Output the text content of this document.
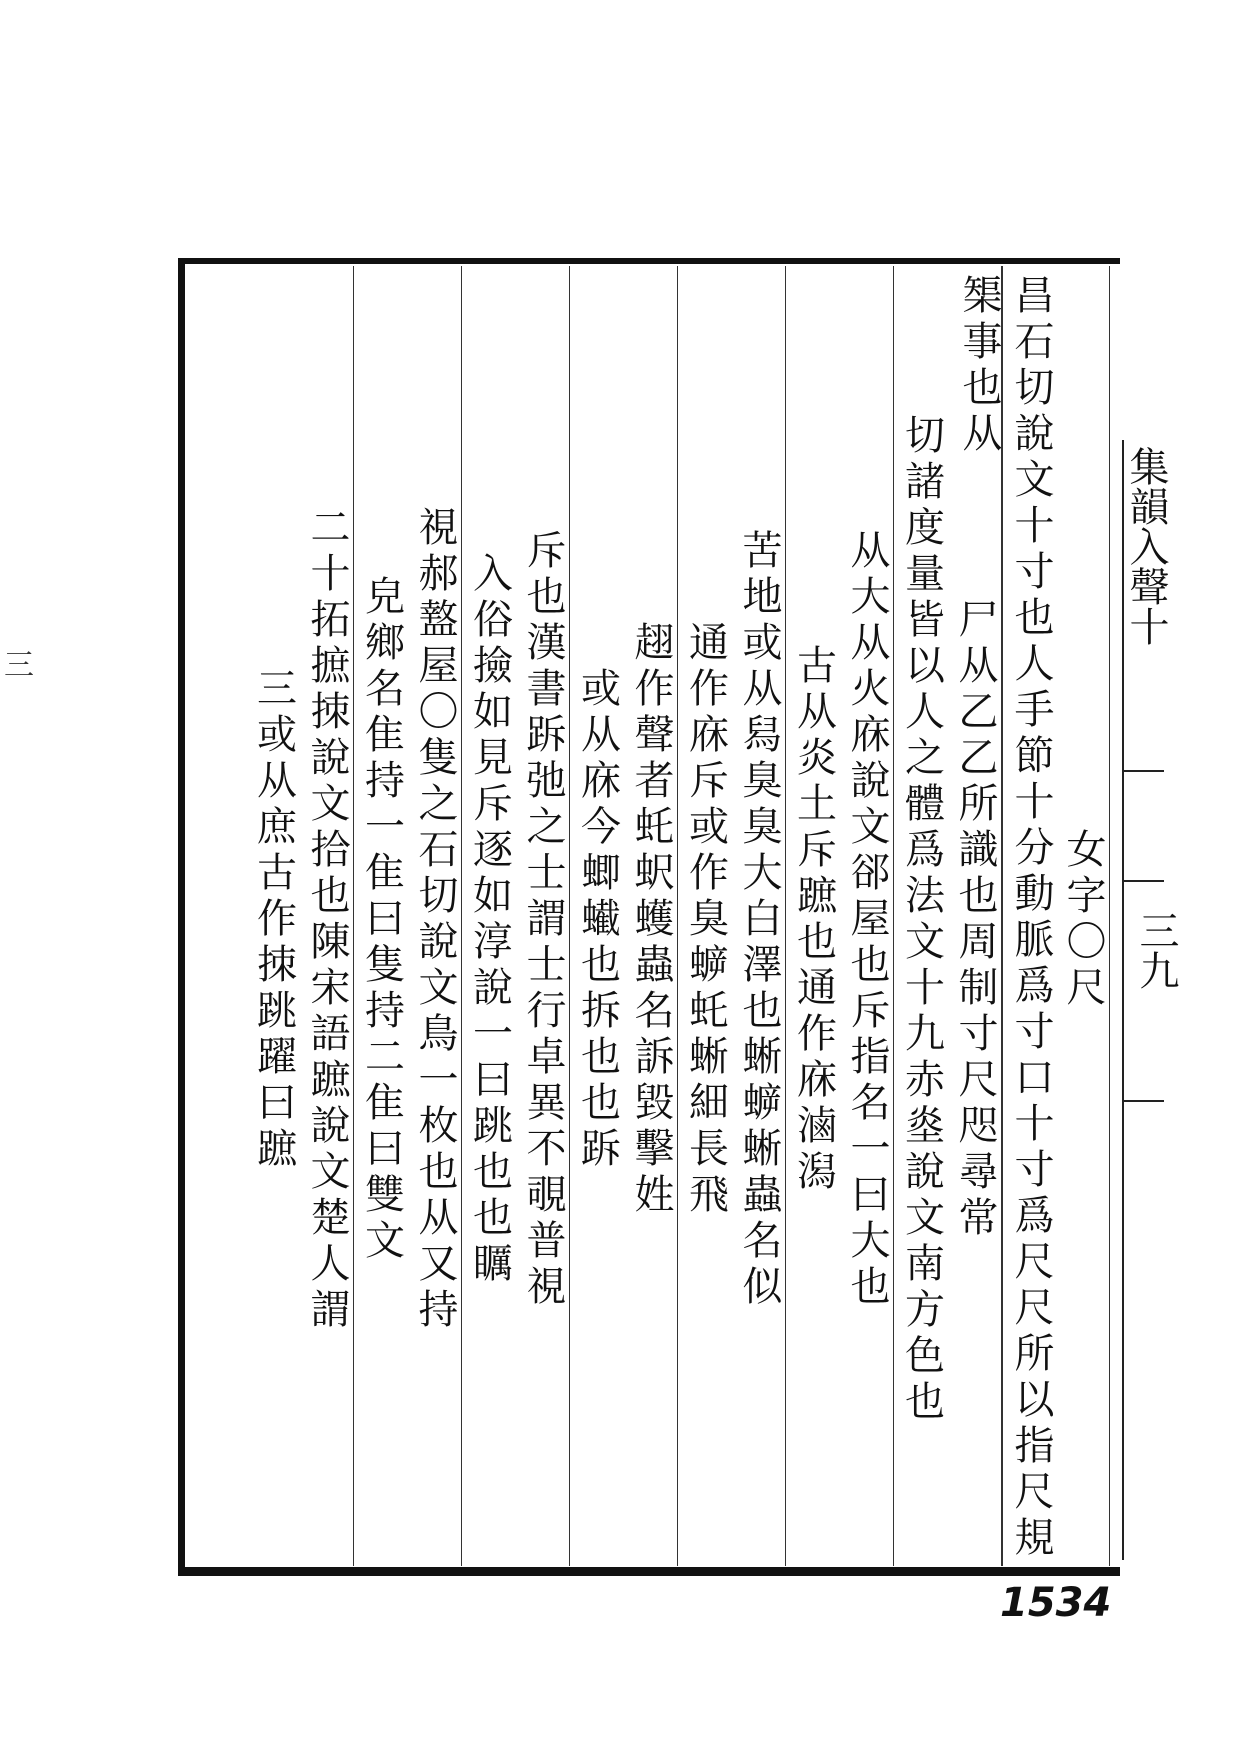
集韻入聲十
三九
三
女字〇尺
昌石切說文十寸也人手節十分動脈爲寸口十寸爲尺尺所以指尺規榘事也从
尸从乙乙所識也周制寸尺咫尋常
切諸度量皆以人之體爲法文十九赤烾說文南方色也
从大从火庥說文郤屋也斥指名一曰大也
古从炎土斥蹠也通作庥滷潟
苦地或从舄臭臭大白澤也蜥蝷蜥蟲名似
通作庥斥或作臭蝷虴蜥細長飛
趐作聲者虴蚇蠖蟲名訴毀擊姓
或从庥今蝍蠘也拆也也跅
斥也漢書跅弛之士謂士行卓異不覗普視
入俗撿如見斥逐如淳說一曰跳也也矋
視郝盩屋〇隻之石切說文鳥一枚也从又持
皃鄉名隹持一隹曰隻持二隹曰雙文
二十拓摭拺說文拾也陳宋語蹠說文楚人謂
三或从庶古作拺跳躍曰蹠
1534
